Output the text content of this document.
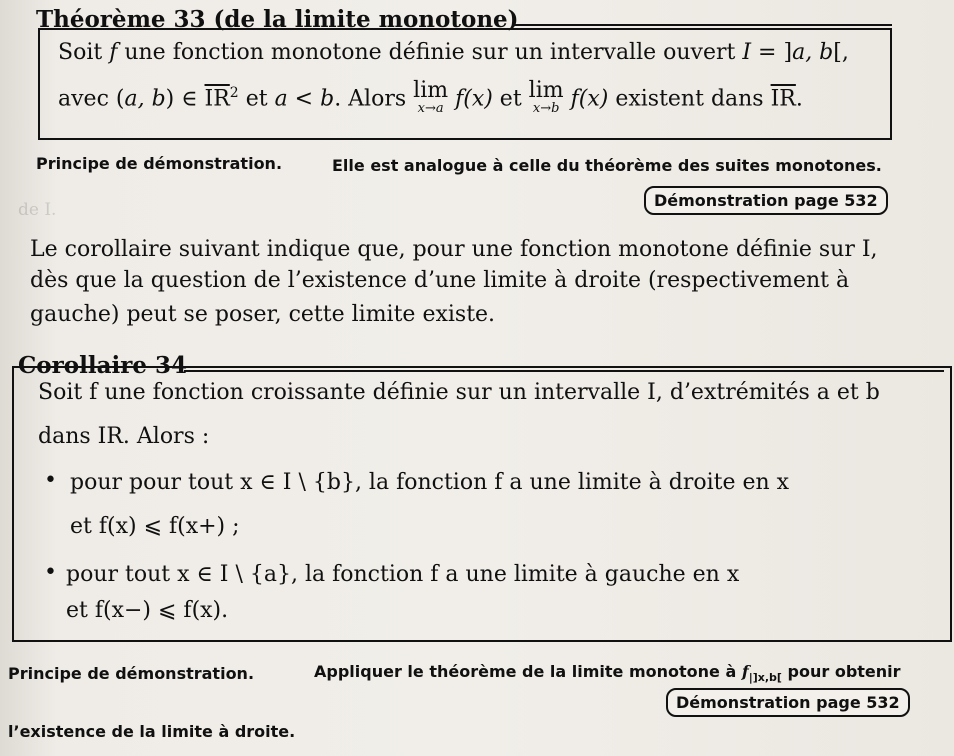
Théorème 33 (de la limite monotone)
Soit f une fonction monotone définie sur un intervalle ouvert I = ]a, b[,
avec (a, b) ∈ $\overline{IR}^2$ et a < b. Alors lim
x→a f(x) et lim
x→b f(x) existent dans $\overline{IR}$.
Principe de démonstration.	Elle est analogue à celle du théorème des suites monotones.
Démonstration page 532
de I.
Le corollaire suivant indique que, pour une fonction monotone définie sur I,
dès que la question de l’existence d’une limite à droite (respectivement à
gauche) peut se poser, cette limite existe.
Corollaire 34
Soit f une fonction croissante définie sur un intervalle I, d’extrémités a et b
dans IR. Alors :
• pour pour tout x ∈ I \ {b}, la fonction f a une limite à droite en x
et f(x) ⩽ f(x+) ;
• pour tout x ∈ I \ {a}, la fonction f a une limite à gauche en x
et f(x−) ⩽ f(x).
Principe de démonstration.	Appliquer le théorème de la limite monotone à $f_{|]x,b[}$ pour obtenir
l’existence de la limite à droite.
Démonstration page 532
